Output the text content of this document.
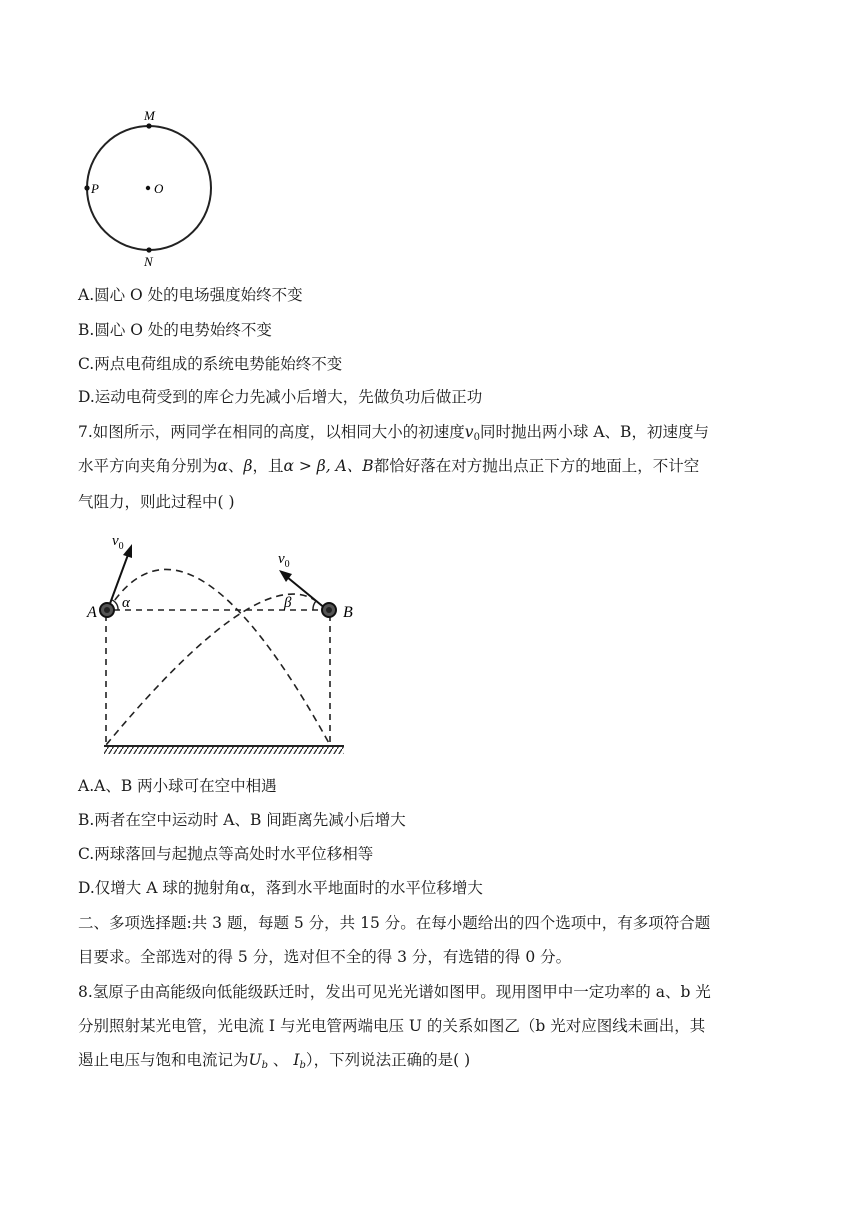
M
P	O
N
A.圆心 O 处的电场强度始终不变
B.圆心 O 处的电势始终不变
C.两点电荷组成的系统电势能始终不变
D.运动电荷受到的库仑力先减小后增大，先做负功后做正功
7.如图所示，两同学在相同的高度，以相同大小的初速度$v_0$同时抛出两小球 A、B，初速度与
水平方向夹角分别为α、β，且α > β, A、B都恰好落在对方抛出点正下方的地面上，不计空
气阻力，则此过程中( )
A	B
α	β
$v_0$
$v_0$
A.A、B 两小球可在空中相遇
B.两者在空中运动时 A、B 间距离先减小后增大
C.两球落回与起抛点等高处时水平位移相等
D.仅增大 A 球的抛射角α，落到水平地面时的水平位移增大
二、多项选择题:共 3 题，每题 5 分，共 15 分。在每小题给出的四个选项中，有多项符合题
目要求。全部选对的得 5 分，选对但不全的得 3 分，有选错的得 0 分。
8.氢原子由高能级向低能级跃迁时，发出可见光光谱如图甲。现用图甲中一定功率的 a、b 光
分别照射某光电管，光电流 I 与光电管两端电压 U 的关系如图乙（b 光对应图线未画出，其
遏止电压与饱和电流记为$U_b$ 、 $I_b$），下列说法正确的是( )
